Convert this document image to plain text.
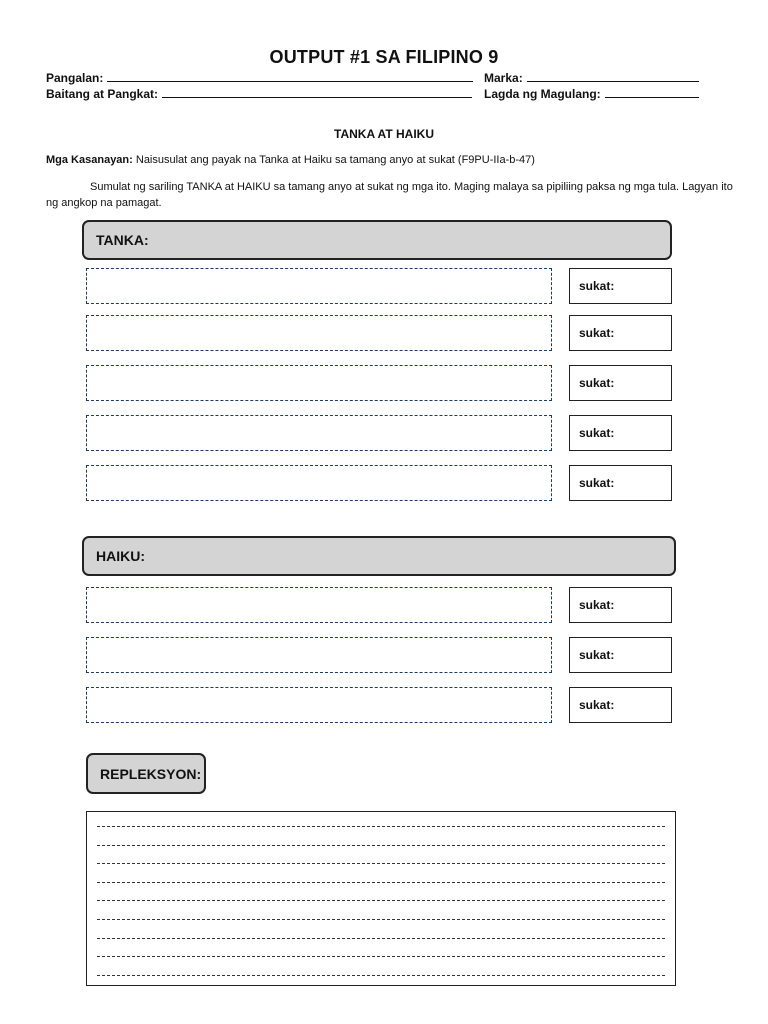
OUTPUT #1 SA FILIPINO 9
Pangalan:	Marka:
Baitang at Pangkat:	Lagda ng Magulang:
TANKA AT HAIKU
Mga Kasanayan: Naisusulat ang payak na Tanka at Haiku sa tamang anyo at sukat (F9PU-IIa-b-47)
Sumulat ng sariling TANKA at HAIKU sa tamang anyo at sukat ng mga ito. Maging malaya sa pipiliing paksa ng mga tula. Lagyan ito ng angkop na pamagat.
TANKA:
sukat:
sukat:
sukat:
sukat:
sukat:
HAIKU:
sukat:
sukat:
sukat:
REPLEKSYON:
